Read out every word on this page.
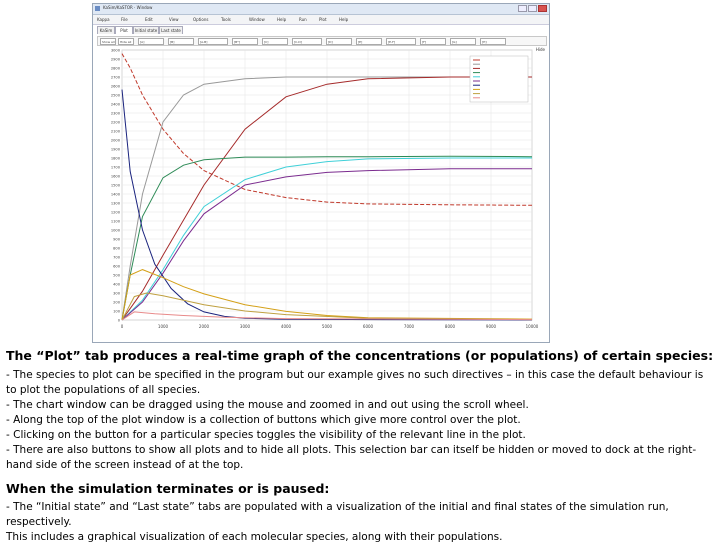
KaSim/KaSTOR · Window
Kappa	File	Edit	View	Options	Tools	Window	Help	Run	Plot	Help
KaSim	Plot	Initial state Last state
Show all	Hide all	[A]	[B]	[A-B]	[B*]	[C]	[C-D]	[D]	[E]	[E-F]	[F]	[G]	[H]
Hide
0	1000	2000	3000	4000	5000	6000	7000	8000	9000	10000
0
100
200
300
400
500
600
700
800
900
1000
1100
1200
1300
1400
1500
1600
1700
1800
1900
2000
2100
2200
2300
2400
2500
2600
2700
2800
2900
3000
The “Plot” tab produces a real-time graph of the concentrations (or populations) of certain species:
- The species to plot can be specified in the program but our example gives no such directives – in this case the default behaviour is to plot the populations of all species.
- The chart window can be dragged using the mouse and zoomed in and out using the scroll wheel.
- Along the top of the plot window is a collection of buttons which give more control over the plot.
- Clicking on the button for a particular species toggles the visibility of the relevant line in the plot.
- There are also buttons to show all plots and to hide all plots. This selection bar can itself be hidden or moved to dock at the right-hand side of the screen instead of at the top.
When the simulation terminates or is paused:
- The “Initial state” and “Last state” tabs are populated with a visualization of the initial and final states of the simulation run, respectively.
This includes a graphical visualization of each molecular species, along with their populations.
